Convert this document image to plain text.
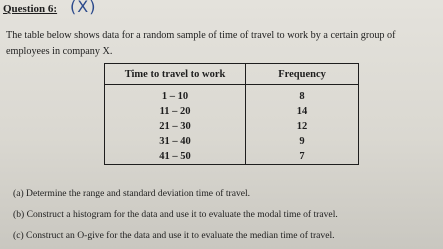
Question 6: (X)
The table below shows data for a random sample of time of travel to work by a certain group of
employees in company X.
Time to travel to work	Frequency
1 – 10	8
11 – 20	14
21 – 30	12
31 – 40	9
41 – 50	7
(a) Determine the range and standard deviation time of travel.
(b) Construct a histogram for the data and use it to evaluate the modal time of travel.
(c) Construct an O-give for the data and use it to evaluate the median time of travel.
